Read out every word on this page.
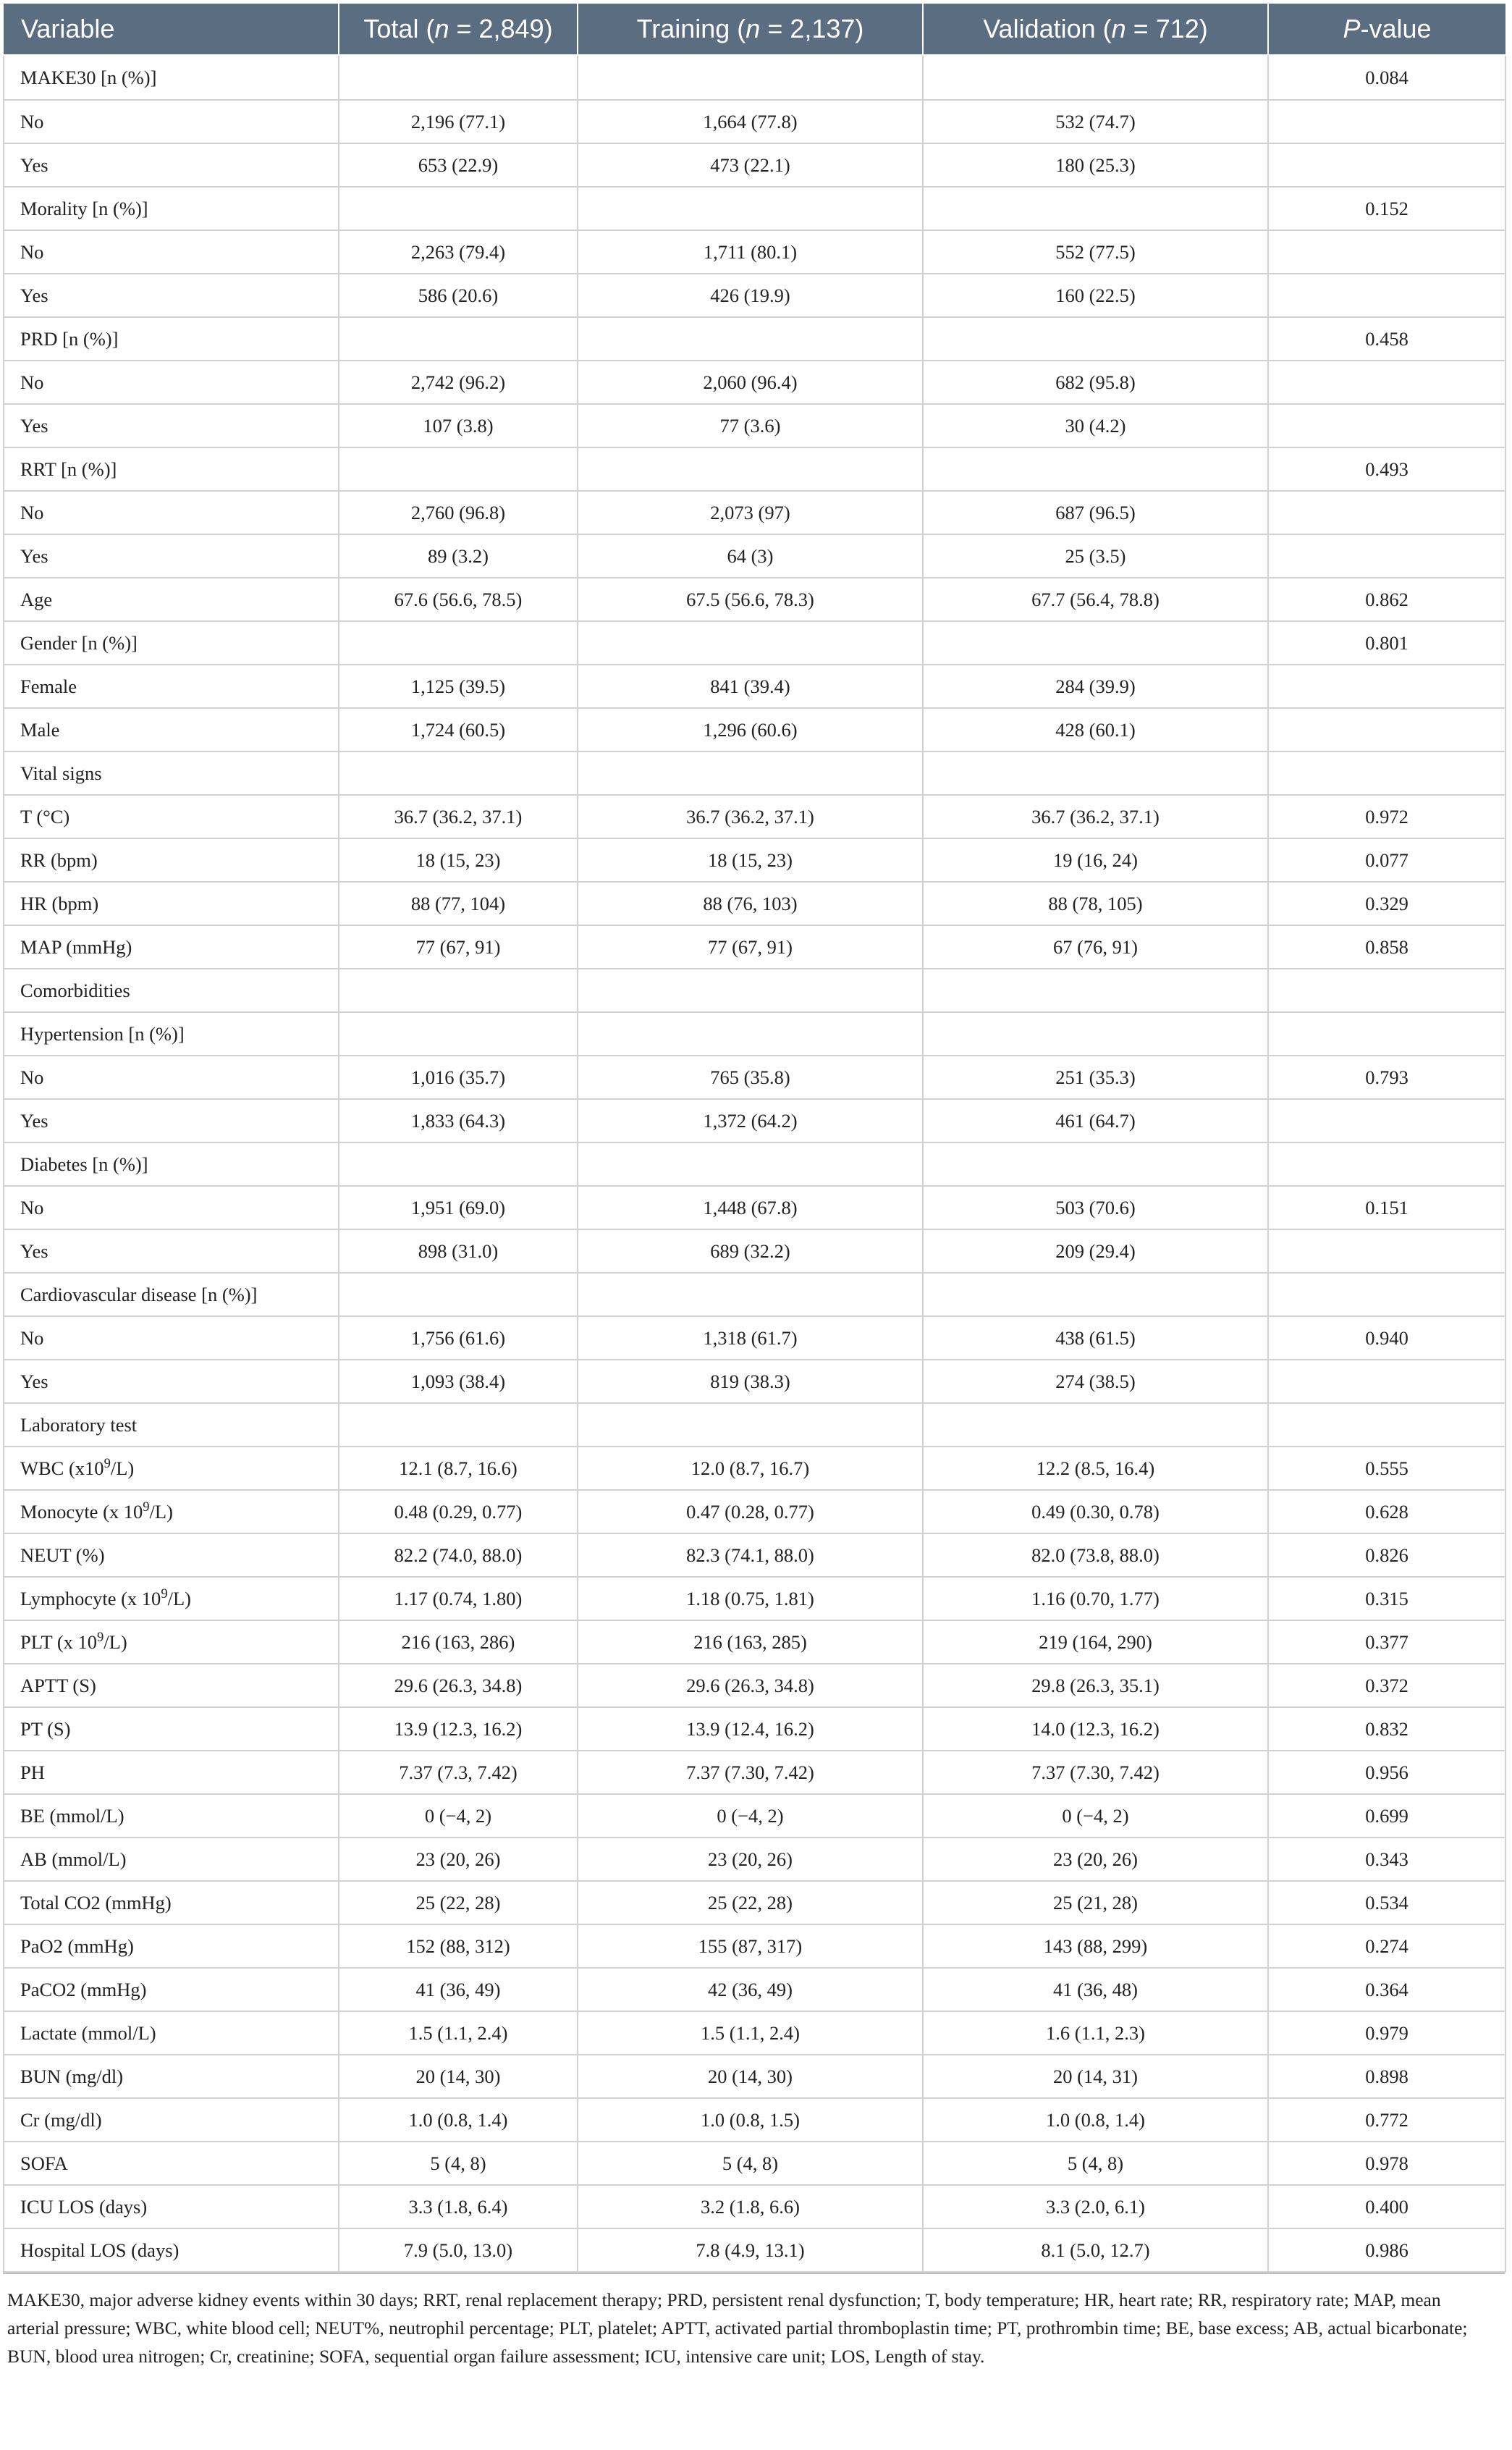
Variable	Total (n = 2,849)	Training (n = 2,137)	Validation (n = 712)	P-value
MAKE30 [n (%)]				0.084
No	2,196 (77.1)	1,664 (77.8)	532 (74.7)	
Yes	653 (22.9)	473 (22.1)	180 (25.3)	
Morality [n (%)]				0.152
No	2,263 (79.4)	1,711 (80.1)	552 (77.5)	
Yes	586 (20.6)	426 (19.9)	160 (22.5)	
PRD [n (%)]				0.458
No	2,742 (96.2)	2,060 (96.4)	682 (95.8)	
Yes	107 (3.8)	77 (3.6)	30 (4.2)	
RRT [n (%)]				0.493
No	2,760 (96.8)	2,073 (97)	687 (96.5)	
Yes	89 (3.2)	64 (3)	25 (3.5)	
Age	67.6 (56.6, 78.5)	67.5 (56.6, 78.3)	67.7 (56.4, 78.8)	0.862
Gender [n (%)]				0.801
Female	1,125 (39.5)	841 (39.4)	284 (39.9)	
Male	1,724 (60.5)	1,296 (60.6)	428 (60.1)	
Vital signs				
T (°C)	36.7 (36.2, 37.1)	36.7 (36.2, 37.1)	36.7 (36.2, 37.1)	0.972
RR (bpm)	18 (15, 23)	18 (15, 23)	19 (16, 24)	0.077
HR (bpm)	88 (77, 104)	88 (76, 103)	88 (78, 105)	0.329
MAP (mmHg)	77 (67, 91)	77 (67, 91)	67 (76, 91)	0.858
Comorbidities				
Hypertension [n (%)]				
No	1,016 (35.7)	765 (35.8)	251 (35.3)	0.793
Yes	1,833 (64.3)	1,372 (64.2)	461 (64.7)	
Diabetes [n (%)]				
No	1,951 (69.0)	1,448 (67.8)	503 (70.6)	0.151
Yes	898 (31.0)	689 (32.2)	209 (29.4)	
Cardiovascular disease [n (%)]				
No	1,756 (61.6)	1,318 (61.7)	438 (61.5)	0.940
Yes	1,093 (38.4)	819 (38.3)	274 (38.5)	
Laboratory test				
WBC $(x10^9/L)$	12.1 (8.7, 16.6)	12.0 (8.7, 16.7)	12.2 (8.5, 16.4)	0.555
Monocyte (x $10^9/L$)	0.48 (0.29, 0.77)	0.47 (0.28, 0.77)	0.49 (0.30, 0.78)	0.628
NEUT (%)	82.2 (74.0, 88.0)	82.3 (74.1, 88.0)	82.0 (73.8, 88.0)	0.826
Lymphocyte (x $10^9/L$)	1.17 (0.74, 1.80)	1.18 (0.75, 1.81)	1.16 (0.70, 1.77)	0.315
PLT (x $10^9/L$)	216 (163, 286)	216 (163, 285)	219 (164, 290)	0.377
APTT (S)	29.6 (26.3, 34.8)	29.6 (26.3, 34.8)	29.8 (26.3, 35.1)	0.372
PT (S)	13.9 (12.3, 16.2)	13.9 (12.4, 16.2)	14.0 (12.3, 16.2)	0.832
PH	7.37 (7.3, 7.42)	7.37 (7.30, 7.42)	7.37 (7.30, 7.42)	0.956
BE (mmol/L)	0 (−4, 2)	0 (−4, 2)	0 (−4, 2)	0.699
AB (mmol/L)	23 (20, 26)	23 (20, 26)	23 (20, 26)	0.343
Total CO2 (mmHg)	25 (22, 28)	25 (22, 28)	25 (21, 28)	0.534
PaO2 (mmHg)	152 (88, 312)	155 (87, 317)	143 (88, 299)	0.274
PaCO2 (mmHg)	41 (36, 49)	42 (36, 49)	41 (36, 48)	0.364
Lactate (mmol/L)	1.5 (1.1, 2.4)	1.5 (1.1, 2.4)	1.6 (1.1, 2.3)	0.979
BUN (mg/dl)	20 (14, 30)	20 (14, 30)	20 (14, 31)	0.898
Cr (mg/dl)	1.0 (0.8, 1.4)	1.0 (0.8, 1.5)	1.0 (0.8, 1.4)	0.772
SOFA	5 (4, 8)	5 (4, 8)	5 (4, 8)	0.978
ICU LOS (days)	3.3 (1.8, 6.4)	3.2 (1.8, 6.6)	3.3 (2.0, 6.1)	0.400
Hospital LOS (days)	7.9 (5.0, 13.0)	7.8 (4.9, 13.1)	8.1 (5.0, 12.7)	0.986
MAKE30, major adverse kidney events within 30 days; RRT, renal replacement therapy; PRD, persistent renal dysfunction; T, body temperature; HR, heart rate; RR, respiratory rate; MAP, mean arterial pressure; WBC, white blood cell; NEUT%, neutrophil percentage; PLT, platelet; APTT, activated partial thromboplastin time; PT, prothrombin time; BE, base excess; AB, actual bicarbonate; BUN, blood urea nitrogen; Cr, creatinine; SOFA, sequential organ failure assessment; ICU, intensive care unit; LOS, Length of stay.
